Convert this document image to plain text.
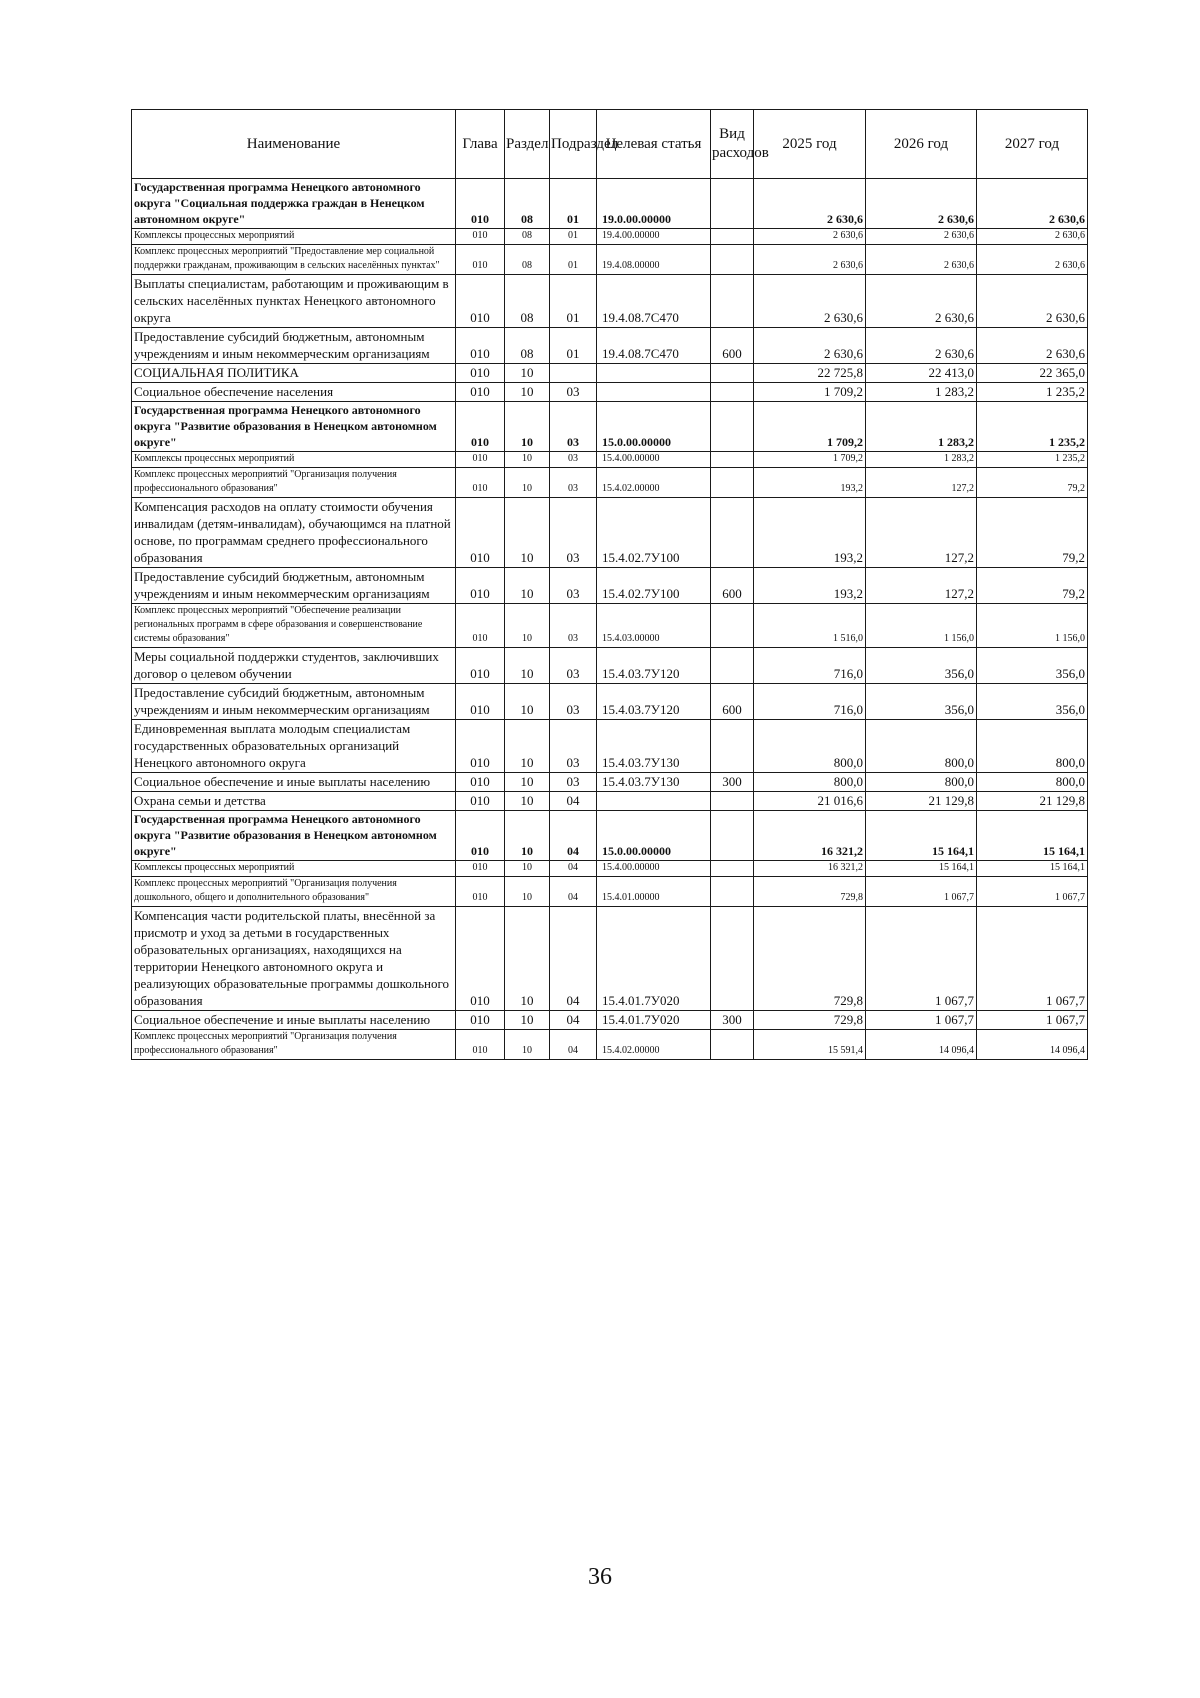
Наименование	Глава	Раздел	Подраздел	Целевая статья	Вид расходов	2025 год	2026 год	2027 год
Государственная программа Ненецкого автономного округа "Социальная поддержка граждан в Ненецком автономном округе"	010	08	01	19.0.00.00000		2 630,6	2 630,6	2 630,6
Комплексы процессных мероприятий	010	08	01	19.4.00.00000		2 630,6	2 630,6	2 630,6
Комплекс процессных мероприятий "Предоставление мер социальной поддержки гражданам, проживающим в сельских населённых пунктах"	010	08	01	19.4.08.00000		2 630,6	2 630,6	2 630,6
Выплаты специалистам, работающим и проживающим в сельских населённых пунктах Ненецкого автономного округа	010	08	01	19.4.08.7С470		2 630,6	2 630,6	2 630,6
Предоставление субсидий бюджетным, автономным учреждениям и иным некоммерческим организациям	010	08	01	19.4.08.7С470	600	2 630,6	2 630,6	2 630,6
СОЦИАЛЬНАЯ ПОЛИТИКА	010	10				22 725,8	22 413,0	22 365,0
Социальное обеспечение населения	010	10	03			1 709,2	1 283,2	1 235,2
Государственная программа Ненецкого автономного округа "Развитие образования в Ненецком автономном округе"	010	10	03	15.0.00.00000		1 709,2	1 283,2	1 235,2
Комплексы процессных мероприятий	010	10	03	15.4.00.00000		1 709,2	1 283,2	1 235,2
Комплекс процессных мероприятий "Организация получения профессионального образования"	010	10	03	15.4.02.00000		193,2	127,2	79,2
Компенсация расходов на оплату стоимости обучения инвалидам (детям-инвалидам), обучающимся на платной основе, по программам среднего профессионального образования	010	10	03	15.4.02.7У100		193,2	127,2	79,2
Предоставление субсидий бюджетным, автономным учреждениям и иным некоммерческим организациям	010	10	03	15.4.02.7У100	600	193,2	127,2	79,2
Комплекс процессных мероприятий "Обеспечение реализации региональных программ в сфере образования и совершенствование системы образования"	010	10	03	15.4.03.00000		1 516,0	1 156,0	1 156,0
Меры социальной поддержки студентов, заключивших договор о целевом обучении	010	10	03	15.4.03.7У120		716,0	356,0	356,0
Предоставление субсидий бюджетным, автономным учреждениям и иным некоммерческим организациям	010	10	03	15.4.03.7У120	600	716,0	356,0	356,0
Единовременная выплата молодым специалистам государственных образовательных организаций Ненецкого автономного округа	010	10	03	15.4.03.7У130		800,0	800,0	800,0
Социальное обеспечение и иные выплаты населению	010	10	03	15.4.03.7У130	300	800,0	800,0	800,0
Охрана семьи и детства	010	10	04			21 016,6	21 129,8	21 129,8
Государственная программа Ненецкого автономного округа "Развитие образования в Ненецком автономном округе"	010	10	04	15.0.00.00000		16 321,2	15 164,1	15 164,1
Комплексы процессных мероприятий	010	10	04	15.4.00.00000		16 321,2	15 164,1	15 164,1
Комплекс процессных мероприятий "Организация получения дошкольного, общего и дополнительного образования"	010	10	04	15.4.01.00000		729,8	1 067,7	1 067,7
Компенсация части родительской платы, внесённой за присмотр и уход за детьми в государственных образовательных организациях, находящихся на территории Ненецкого автономного округа и реализующих образовательные программы дошкольного образования	010	10	04	15.4.01.7У020		729,8	1 067,7	1 067,7
Социальное обеспечение и иные выплаты населению	010	10	04	15.4.01.7У020	300	729,8	1 067,7	1 067,7
Комплекс процессных мероприятий "Организация получения профессионального образования"	010	10	04	15.4.02.00000		15 591,4	14 096,4	14 096,4
36
